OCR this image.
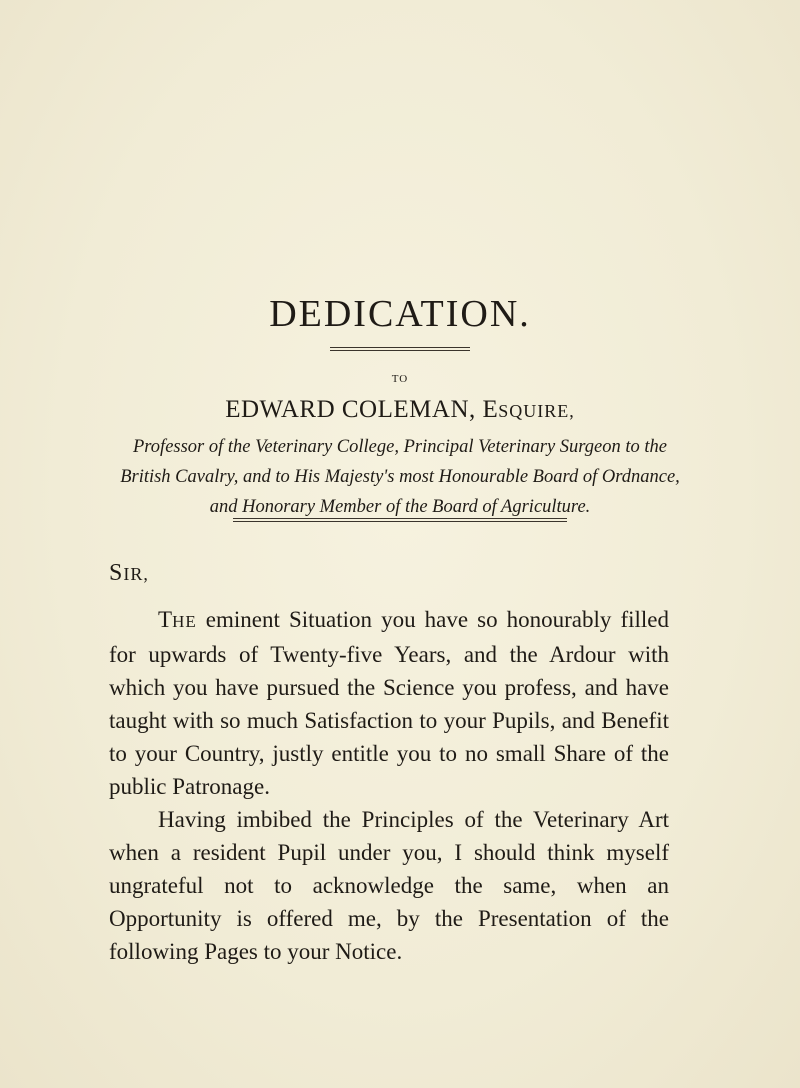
DEDICATION.
TO
EDWARD COLEMAN, ESQUIRE,
Professor of the Veterinary College, Principal Veterinary Surgeon to the British Cavalry, and to His Majesty's most Honourable Board of Ordnance, and Honorary Member of the Board of Agriculture.
SIR,

THE eminent Situation you have so honourably filled for upwards of Twenty-five Years, and the Ardour with which you have pursued the Science you profess, and have taught with so much Satisfaction to your Pupils, and Benefit to your Country, justly entitle you to no small Share of the public Patronage.

Having imbibed the Principles of the Veterinary Art when a resident Pupil under you, I should think myself ungrateful not to acknowledge the same, when an Opportunity is offered me, by the Presentation of the following Pages to your Notice.
